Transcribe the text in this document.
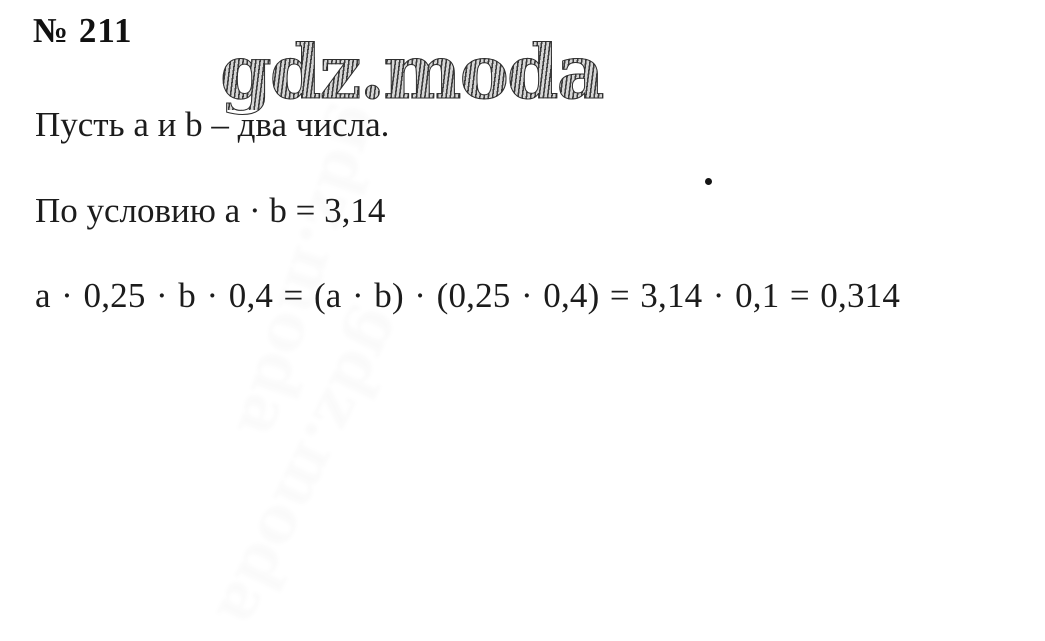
№ 211 gdz.moda
Пусть а и b – два числа.
По условию a · b = 3,14
a · 0,25 · b · 0,4 = (a · b) · (0,25 · 0,4) = 3,14 · 0,1 = 0,314
